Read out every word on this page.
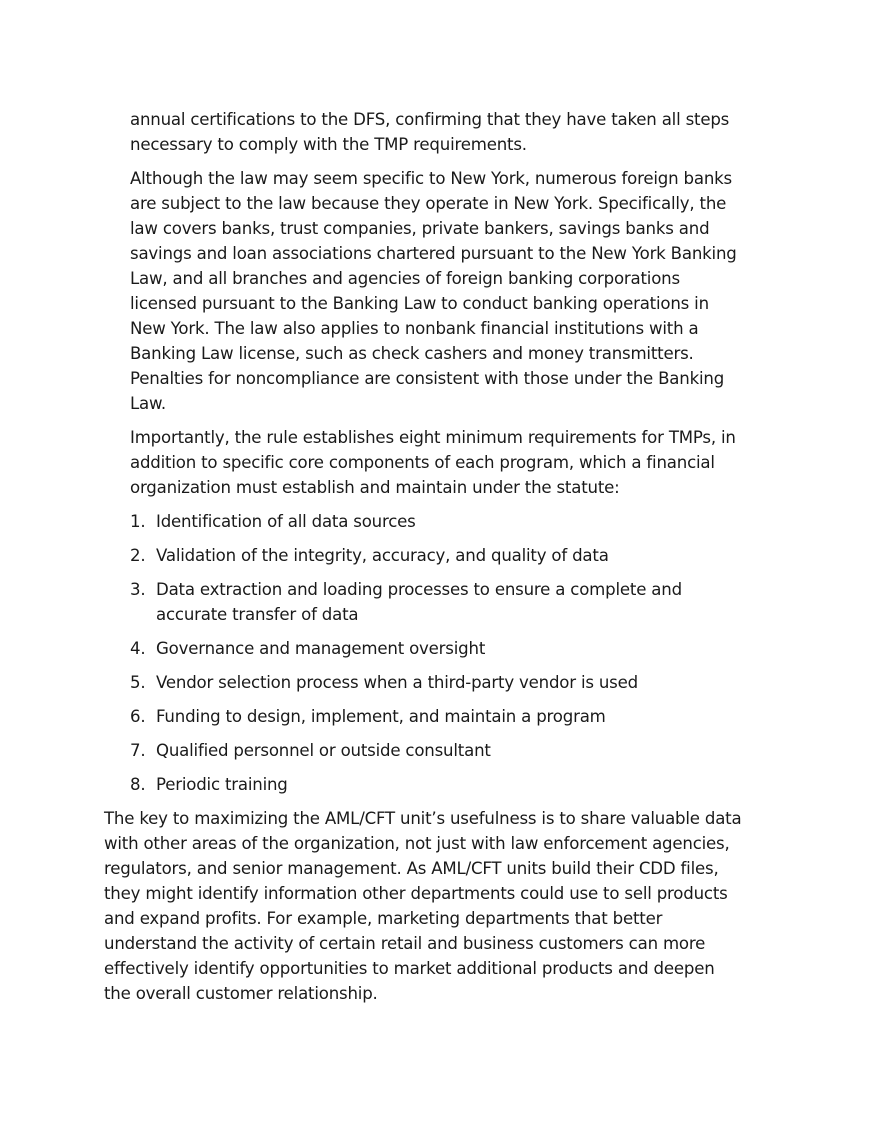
annual certifications to the DFS, confirming that they have taken all steps necessary to comply with the TMP requirements.

Although the law may seem specific to New York, numerous foreign banks are subject to the law because they operate in New York. Specifically, the law covers banks, trust companies, private bankers, savings banks and savings and loan associations chartered pursuant to the New York Banking Law, and all branches and agencies of foreign banking corporations licensed pursuant to the Banking Law to conduct banking operations in New York. The law also applies to nonbank financial institutions with a Banking Law license, such as check cashers and money transmitters. Penalties for noncompliance are consistent with those under the Banking Law.

Importantly, the rule establishes eight minimum requirements for TMPs, in addition to specific core components of each program, which a financial organization must establish and maintain under the statute:

1. Identification of all data sources
2. Validation of the integrity, accuracy, and quality of data
3. Data extraction and loading processes to ensure a complete and accurate transfer of data
4. Governance and management oversight
5. Vendor selection process when a third-party vendor is used
6. Funding to design, implement, and maintain a program
7. Qualified personnel or outside consultant
8. Periodic training

The key to maximizing the AML/CFT unit’s usefulness is to share valuable data with other areas of the organization, not just with law enforcement agencies, regulators, and senior management. As AML/CFT units build their CDD files, they might identify information other departments could use to sell products and expand profits. For example, marketing departments that better understand the activity of certain retail and business customers can more effectively identify opportunities to market additional products and deepen the overall customer relationship.
